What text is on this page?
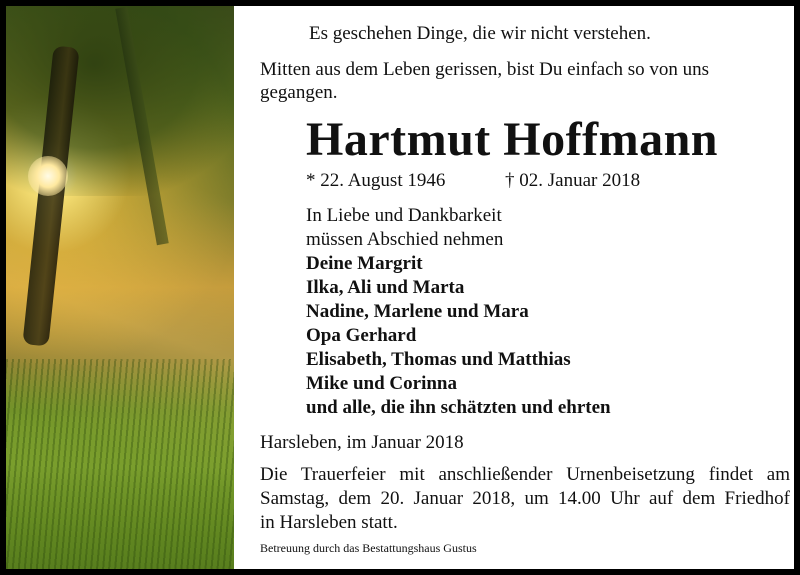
Es geschehen Dinge, die wir nicht verstehen.
Mitten aus dem Leben gerissen, bist Du einfach so von uns
gegangen.
Hartmut Hoffmann
* 22. August 1946	† 02. Januar 2018
In Liebe und Dankbarkeit
müssen Abschied nehmen
Deine Margrit
Ilka, Ali und Marta
Nadine, Marlene und Mara
Opa Gerhard
Elisabeth, Thomas und Matthias
Mike und Corinna
und alle, die ihn schätzten und ehrten
Harsleben, im Januar 2018
Die Trauerfeier mit anschließender Urnenbeisetzung findet am
Samstag, dem 20. Januar 2018, um 14.00 Uhr auf dem Friedhof
in Harsleben statt.
Betreuung durch das Bestattungshaus Gustus
